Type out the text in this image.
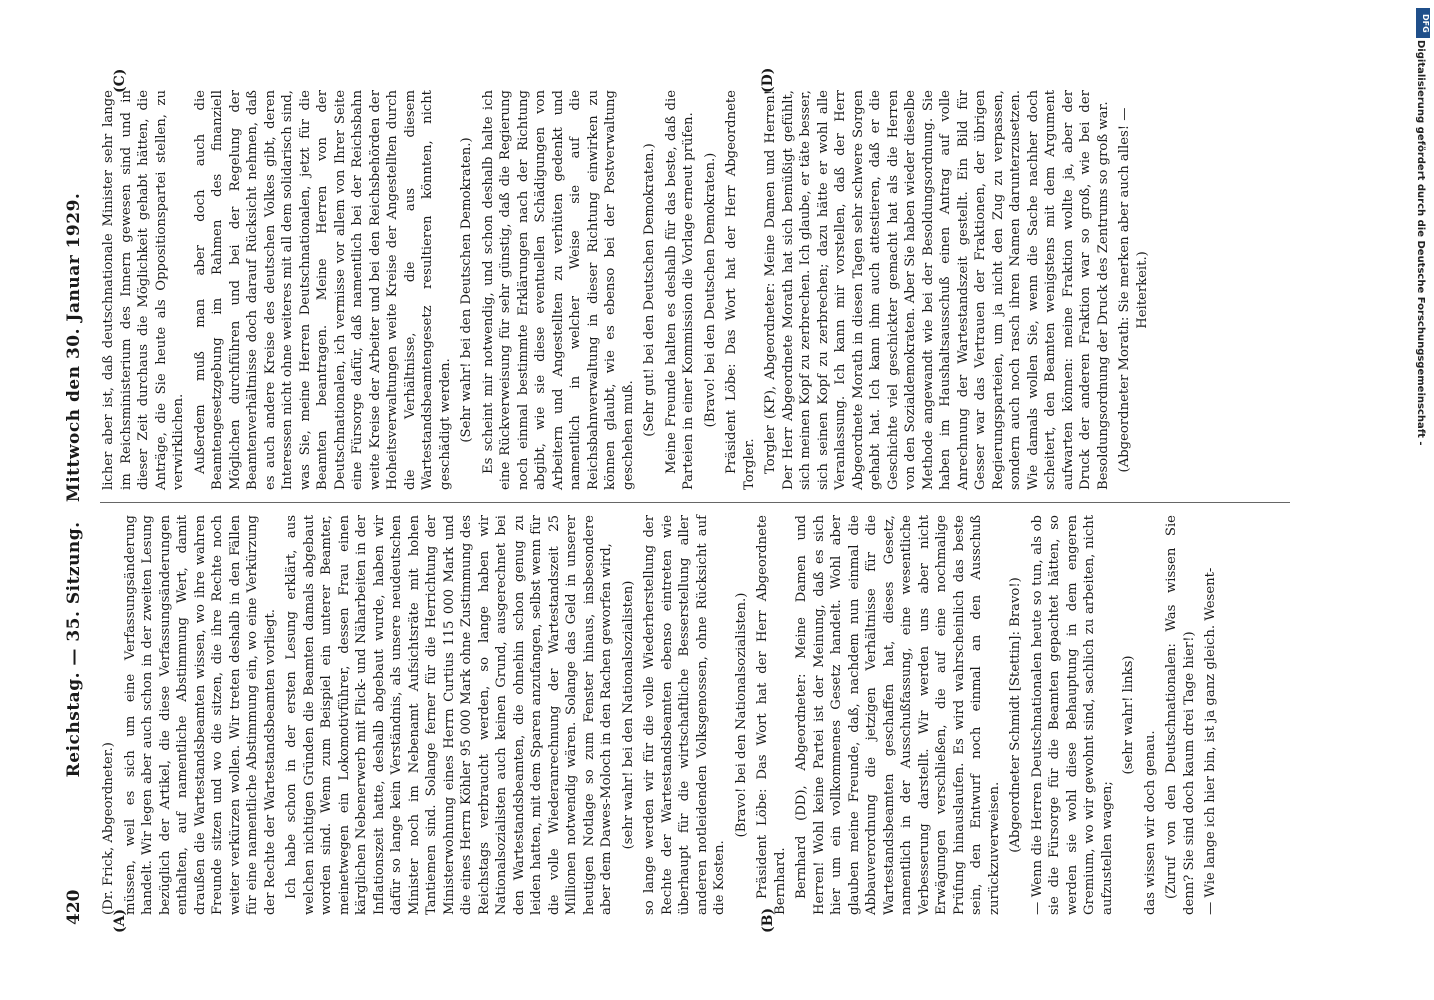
420
Reichstag. — 35. Sitzung.   Mittwoch den 30. Januar 1929.

(Dr. Frick, Abgeordneter.) müssen, weil es sich um eine Verfassungsänderung handelt. Wir legen aber auch schon in der zweiten Lesung bezüglich der Artikel, die diese Verfassungsänderungen enthalten, auf namentliche Abstimmung Wert, damit draußen die Wartestandsbeamten wissen, wo ihre wahren Freunde sitzen und wo die sitzen, die ihre Rechte noch weiter verkürzen wollen. Wir treten deshalb in den Fällen für eine namentliche Abstimmung ein, wo eine Verkürzung der Rechte der Wartestandsbeamten vorliegt. Ich habe schon in der ersten Lesung erklärt, aus welchen nichtigen Gründen die Beamten damals abgebaut worden sind. Wenn zum Beispiel ein unterer Beamter, meinetwegen ein Lokomotivführer, dessen Frau einen kärglichen Nebenerwerb mit Flick- und Näharbeiten in der Inflationszeit hatte, deshalb abgebaut wurde, haben wir dafür so lange kein Verständnis, als unsere neudeutschen Minister noch im Nebenamt Aufsichtsräte mit hohen Tantiemen sind. Solange ferner für die Herrichtung der Ministerwohnung eines Herrn Curtius 115 000 Mark und die eines Herrn Köhler 95 000 Mark ohne Zustimmung des Reichstags verbraucht werden, so lange haben wir Nationalsozialisten auch keinen Grund, ausgerechnet bei den Wartestandsbeamten, die ohnehin schon genug zu leiden hatten, mit dem Sparen anzufangen, selbst wenn für die volle Wiederanrechnung der Wartestandszeit 25 Millionen notwendig wären. Solange das Geld in unserer heutigen Notlage so zum Fenster hinaus, insbesondere aber dem Dawes-Moloch in den Rachen geworfen wird, (sehr wahr! bei den Nationalsozialisten) so lange werden wir für die volle Wiederherstellung der Rechte der Wartestandsbeamten ebenso eintreten wie überhaupt für die wirtschaftliche Besserstellung aller anderen notleidenden Volksgenossen, ohne Rücksicht auf die Kosten.

(Bravo! bei den Nationalsozialisten.) Präsident Löbe: Das Wort hat der Herr Abgeordnete Bernhard. Bernhard (DD), Abgeordneter: Meine Damen und Herren! Wohl keine Partei ist der Meinung, daß es sich hier um ein vollkommenes Gesetz handelt. Wohl aber glauben meine Freunde, daß, nachdem nun einmal die Abbauverordnung die jetzigen Verhältnisse für die Wartestandsbeamten geschaffen hat, dieses Gesetz, namentlich in der Ausschußfassung, eine wesentliche Verbesserung darstellt. Wir werden uns aber nicht Erwägungen verschließen, die auf eine nochmalige Prüfung hinauslaufen. Es wird wahrscheinlich das beste sein, den Entwurf noch einmal an den Ausschuß zurückzuverweisen. (Abgeordneter Schmidt [Stettin]: Bravo!) — Wenn die Herren Deutschnationalen heute so tun, als ob sie die Fürsorge für die Beamten gepachtet hätten, so werden sie wohl diese Behauptung in dem engeren Gremium, wo wir gewohnt sind, sachlich zu arbeiten, nicht aufzustellen wagen;

(sehr wahr! links)

das wissen wir doch genau. (Zuruf von den Deutschnationalen: Was wissen Sie denn? Sie sind doch kaum drei Tage hier!) — Wie lange ich hier bin, ist ja ganz gleich. Wesent-

licher aber ist, daß deutschnationale Minister sehr lange im Reichsministerium des Innern gewesen sind und in dieser Zeit durchaus die Möglichkeit gehabt hätten, die Anträge, die Sie heute als Oppositionspartei stellen, zu verwirklichen. Außerdem muß man aber doch auch die Beamtengesetzgebung im Rahmen des finanziell Möglichen durchführen und bei der Regelung der Beamtenverhältnisse doch darauf Rücksicht nehmen, daß es auch andere Kreise des deutschen Volkes gibt, deren Interessen nicht ohne weiteres mit all dem solidarisch sind, was Sie, meine Herren Deutschnationalen, jetzt für die Beamten beantragen. Meine Herren von der Deutschnationalen, ich vermisse vor allem von Ihrer Seite eine Fürsorge dafür, daß namentlich bei der Reichsbahn weite Kreise der Arbeiter und bei den Reichsbehörden der Hoheitsverwaltungen weite Kreise der Angestellten durch die Verhältnisse, die aus diesem Wartestandsbeamtengesetz resultieren könnten, nicht geschädigt werden. (Sehr wahr! bei den Deutschen Demokraten.) Es scheint mir notwendig, und schon deshalb halte ich eine Rückverweisung für sehr günstig, daß die Regierung noch einmal bestimmte Erklärungen nach der Richtung abgibt, wie sie diese eventuellen Schädigungen von Arbeitern und Angestellten zu verhüten gedenkt und namentlich in welcher Weise sie auf die Reichsbahnverwaltung in dieser Richtung einwirken zu können glaubt, wie es ebenso bei der Postverwaltung geschehen muß. (Sehr gut! bei den Deutschen Demokraten.) Meine Freunde halten es deshalb für das beste, daß die Parteien in einer Kommission die Vorlage erneut prüfen. (Bravo! bei den Deutschen Demokraten.) Präsident Löbe: Das Wort hat der Herr Abgeordnete Torgler. Torgler (KP), Abgeordneter: Meine Damen und Herren! Der Herr Abgeordnete Morath hat sich bemüßigt gefühlt, sich meinen Kopf zu zerbrechen. Ich glaube, er täte besser, sich seinen Kopf zu zerbrechen; dazu hätte er wohl alle Veranlassung. Ich kann mir vorstellen, daß der Herr Abgeordnete Morath in diesen Tagen sehr schwere Sorgen gehabt hat. Ich kann ihm auch attestieren, daß er die Geschichte viel geschickter gemacht hat als die Herren von den Sozialdemokraten. Aber Sie haben wieder dieselbe Methode angewandt wie bei der Besoldungsordnung. Sie haben im Haushaltsausschuß einen Antrag auf volle Anrechnung der Wartestandszeit gestellt. Ein Bild für Gesser war das Vertrauen der Fraktionen, der übrigen Regierungsparteien, um ja nicht den Zug zu verpassen, sondern auch noch rasch ihren Namen darunterzusetzen. Wie damals wollen Sie, wenn die Sache nachher doch scheitert, den Beamten wenigstens mit dem Argument aufwarten können: meine Fraktion wollte ja, aber der Druck der anderen Fraktion war so groß, wie bei der Besoldungsordnung der Druck des Zentrums so groß war. (Abgeordneter Morath: Sie merken aber auch alles! — Heiterkeit.)

(A)	(B)
(C)	(D)	Digitalisierung gefördert durch die Deutsche Forschungsgemeinschaft -
DFG
